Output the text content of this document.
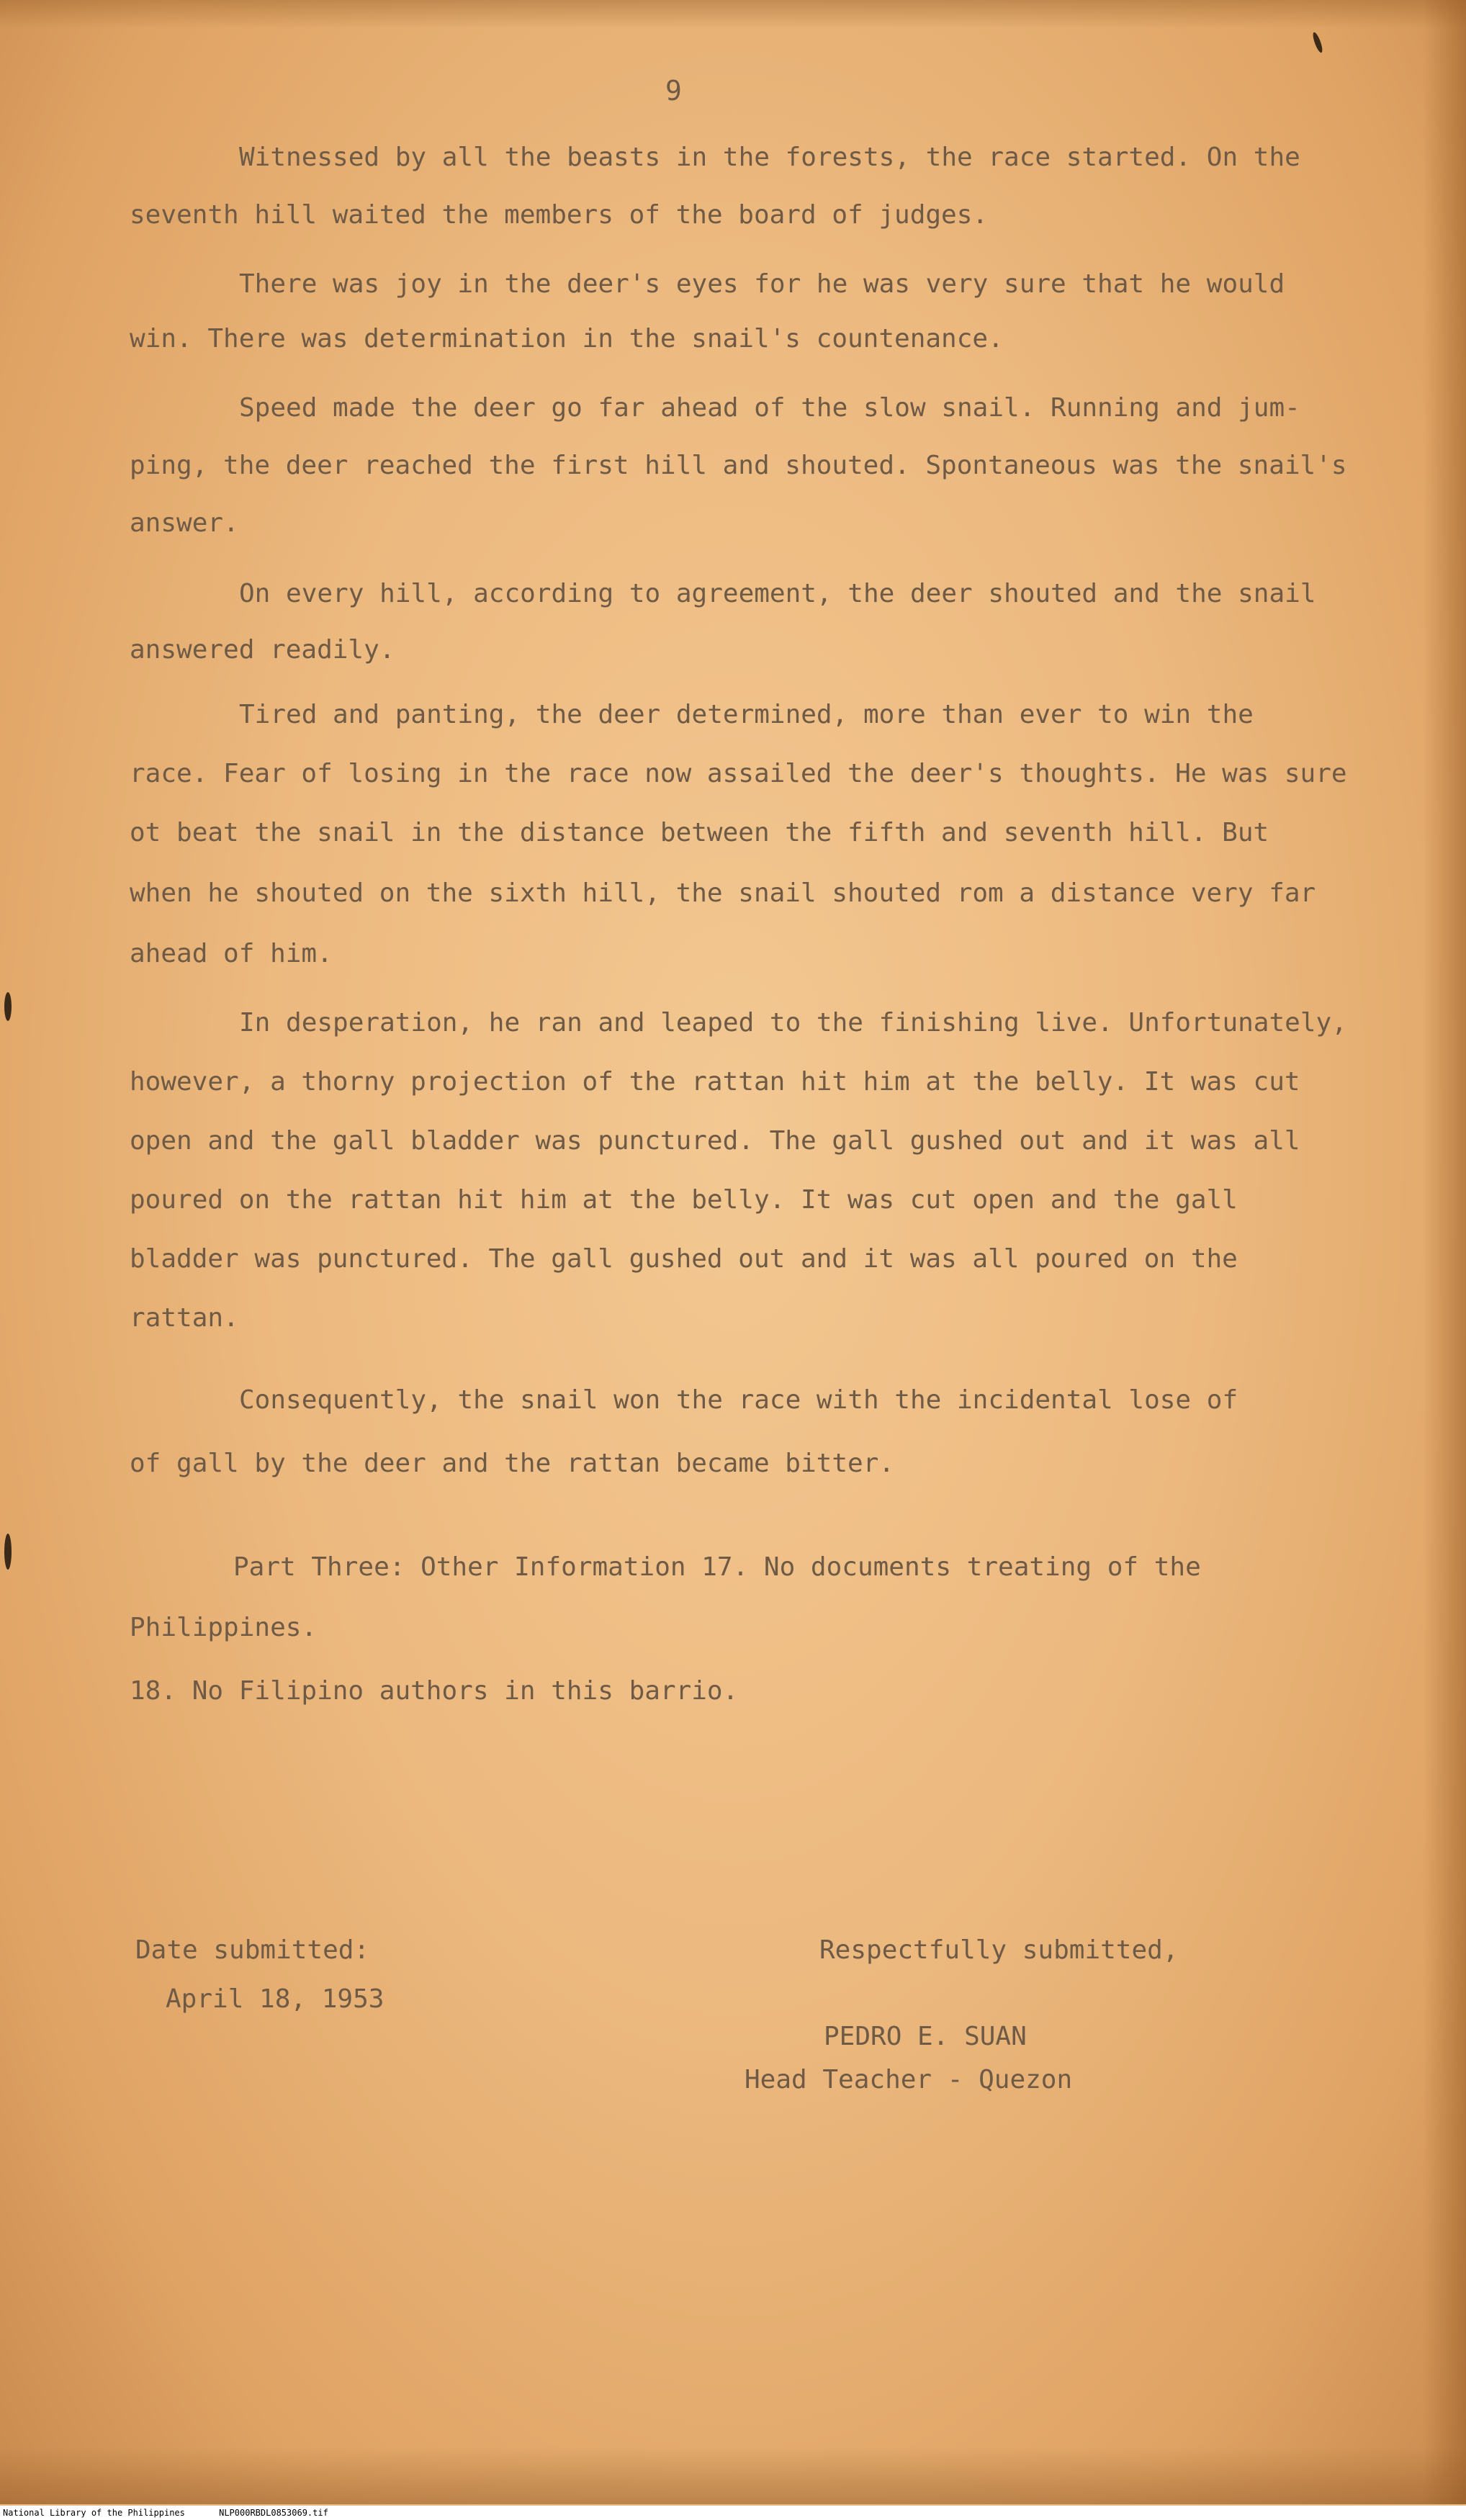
9
Witnessed by all the beasts in the forests, the race started. On the
seventh hill waited the members of the board of judges.
There was joy in the deer's eyes for he was very sure that he would
win. There was determination in the snail's countenance.
Speed made the deer go far ahead of the slow snail. Running and jum-
ping, the deer reached the first hill and shouted. Spontaneous was the snail's
answer.
On every hill, according to agreement, the deer shouted and the snail
answered readily.
Tired and panting, the deer determined, more than ever to win the
race. Fear of losing in the race now assailed the deer's thoughts. He was sure
ot beat the snail in the distance between the fifth and seventh hill. But
when he shouted on the sixth hill, the snail shouted rom a distance very far
ahead of him.
In desperation, he ran and leaped to the finishing live. Unfortunately,
however, a thorny projection of the rattan hit him at the belly. It was cut
open and the gall bladder was punctured. The gall gushed out and it was all
poured on the rattan hit him at the belly. It was cut open and the gall
bladder was punctured. The gall gushed out and it was all poured on the
rattan.
Consequently, the snail won the race with the incidental lose of
of gall by the deer and the rattan became bitter.
Part Three: Other Information 17. No documents treating of the
Philippines.
18. No Filipino authors in this barrio.
Date submitted:
April 18, 1953
Respectfully submitted,
PEDRO E. SUAN
Head Teacher - Quezon
National Library of the Philippines	NLP000RBDL0853069.tif
